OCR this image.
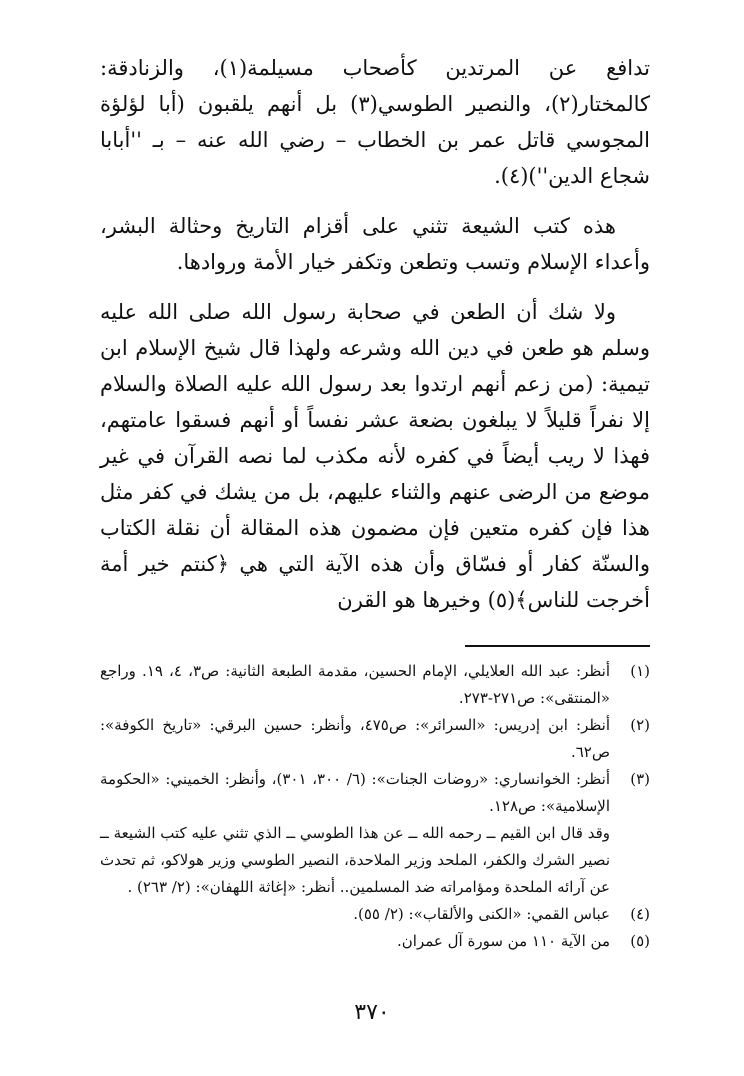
تدافع عن المرتدين كأصحاب مسيلمة(١)، والزنادقة: كالمختار(٢)، والنصير الطوسي(٣) بل أنهم يلقبون (أبا لؤلؤة المجوسي قاتل عمر بن الخطاب – رضي الله عنه – بـ ''أبابا شجاع الدين'')(٤).

هذه كتب الشيعة تثني على أقزام التاريخ وحثالة البشر، وأعداء الإسلام وتسب وتطعن وتكفر خيار الأمة وروادها.

ولا شك أن الطعن في صحابة رسول الله صلى الله عليه وسلم هو طعن في دين الله وشرعه ولهذا قال شيخ الإسلام ابن تيمية: (من زعم أنهم ارتدوا بعد رسول الله عليه الصلاة والسلام إلا نفراً قليلاً لا يبلغون بضعة عشر نفساً أو أنهم فسقوا عامتهم، فهذا لا ريب أيضاً في كفره لأنه مكذب لما نصه القرآن في غير موضع من الرضى عنهم والثناء عليهم، بل من يشك في كفر مثل هذا فإن كفره متعين فإن مضمون هذه المقالة أن نقلة الكتاب والسنّة كفار أو فسّاق وأن هذه الآية التي هي ﴿كنتم خير أمة أخرجت للناس﴾(٥) وخيرها هو القرن

(١)

أنظر: عبد الله العلايلي، الإمام الحسين، مقدمة الطبعة الثانية: ص٣، ٤، ١٩. وراجع «المنتقى»: ص٢٧١-٢٧٣.

(٢)

أنظر: ابن إدريس: «السرائر»: ص٤٧٥، وأنظر: حسين البرقي: «تاريخ الكوفة»: ص٦٢.

(٣)

أنظر: الخوانساري: «روضات الجنات»: (٦/ ٣٠٠، ٣٠١)، وأنظر: الخميني: «الحكومة الإسلامية»: ص١٢٨.

وقد قال ابن القيم ــ رحمه الله ــ عن هذا الطوسي ــ الذي تثني عليه كتب الشيعة ــ نصير الشرك والكفر، الملحد وزير الملاحدة، النصير الطوسي وزير هولاكو، ثم تحدث عن آرائه الملحدة ومؤامراته ضد المسلمين.. أنظر: «إغاثة اللهفان»: (٢/ ٢٦٣) .

(٤)

عباس القمي: «الكنى والألقاب»: (٢/ ٥٥).

(٥)

من الآية ١١٠ من سورة آل عمران.

٣٧٠
